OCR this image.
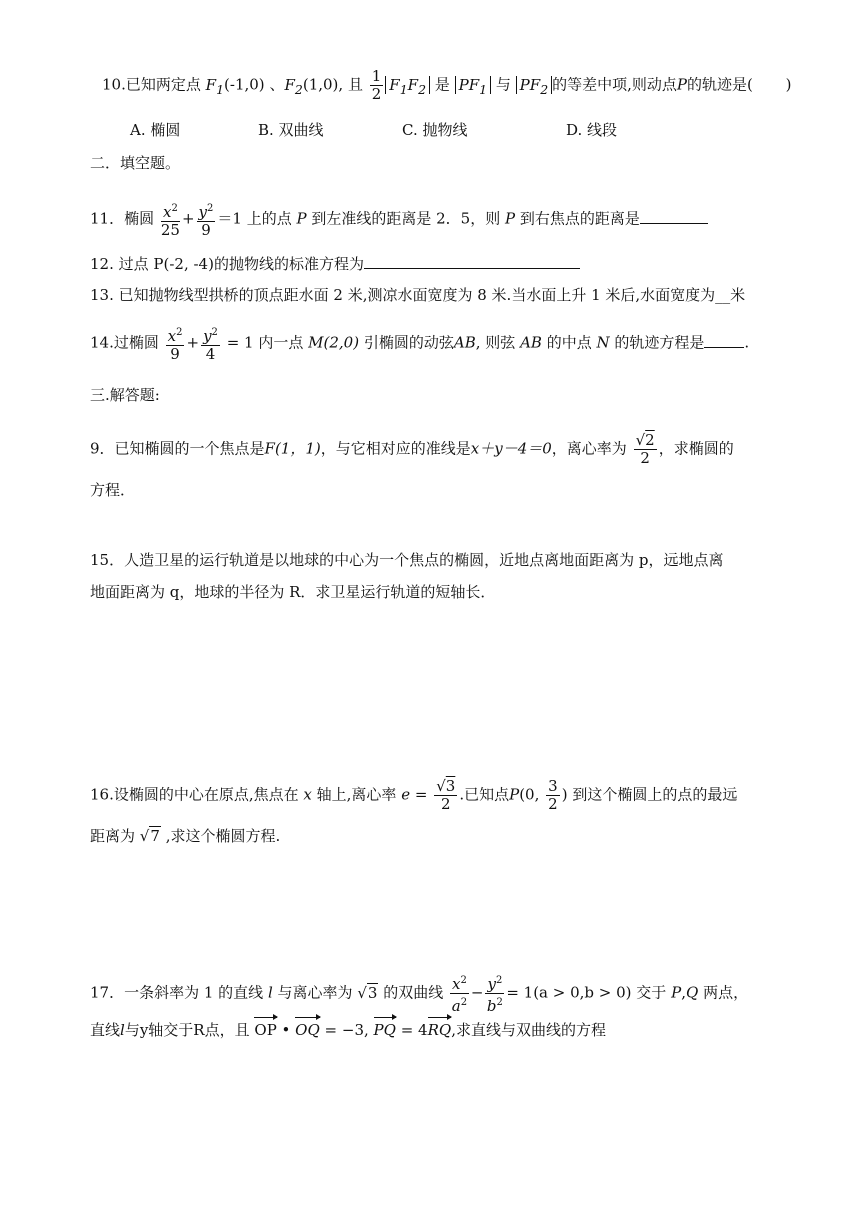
10.已知两定点 $F_1(-1,0)$ 、$F_2(1,0)$, 且 $\frac{1}{2} F_1F_2$ 是 $PF_1$ 与 $PF_2$ 的等差中项,则动点P的轨迹是( )
A. 椭圆	B. 双曲线	C. 抛物线	D. 线段
二．填空题。
11．椭圆 $\frac{x^2}{25} + \frac{y^2}{9} =1$ 上的点 P 到左准线的距离是 2．5，则 P 到右焦点的距离是
12. 过点 P(-2, -4)的抛物线的标准方程为
13. 已知抛物线型拱桥的顶点距水面 2 米,测凉水面宽度为 8 米.当水面上升 1 米后,水面宽度为__米
14.过椭圆 $\frac{x^2}{9} + \frac{y^2}{4} = 1$ 内一点 M(2,0) 引椭圆的动弦AB, 则弦 AB 的中点 N 的轨迹方程是	.
三.解答题:
9．已知椭圆的一个焦点是F(1，1)，与它相对应的准线是x＋y－4＝0，离心率为 $\frac{√2}{2}$ ，求椭圆的
方程．
15．人造卫星的运行轨道是以地球的中心为一个焦点的椭圆，近地点离地面距离为 p，远地点离
地面距离为 q，地球的半径为 R．求卫星运行轨道的短轴长．
16.设椭圆的中心在原点,焦点在 x 轴上,离心率 $e = \frac{√3}{2}$ .已知点P(0, $\frac{3}{2}$ ) 到这个椭圆上的点的最远
距离为 √7 ,求这个椭圆方程.
17．一条斜率为 1 的直线 l 与离心率为 √3 的双曲线 $\frac{x^2}{a^2} - \frac{y^2}{b^2} = 1(a > 0,b > 0)$ 交于 P,Q 两点，
直线l与y轴交于R点，且 OP • OQ = −3, PQ = 4RQ,求直线与双曲线的方程
